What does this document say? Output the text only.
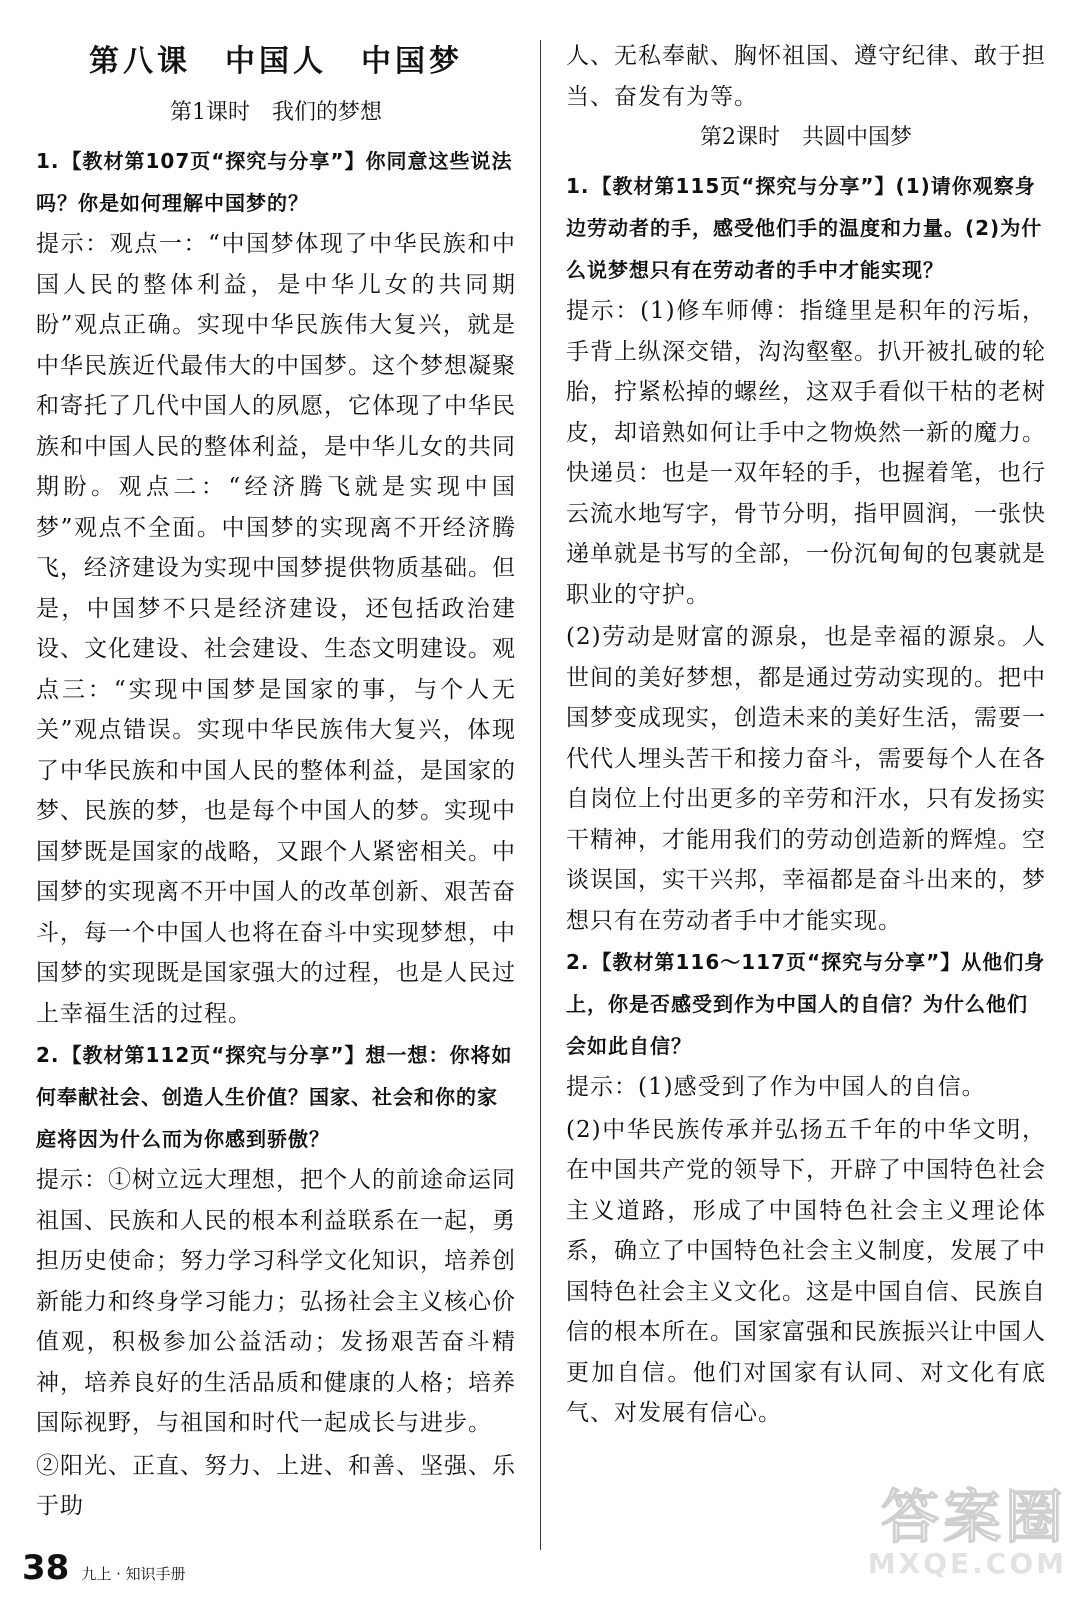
第八课　中国人　中国梦
第1课时　我们的梦想
1. 【教材第107页“探究与分享”】你同意这些说法吗？你是如何理解中国梦的？
提示：观点一：“中国梦体现了中华民族和中国人民的整体利益，是中华儿女的共同期盼”观点正确。实现中华民族伟大复兴，就是中华民族近代最伟大的中国梦。这个梦想凝聚和寄托了几代中国人的夙愿，它体现了中华民族和中国人民的整体利益，是中华儿女的共同期盼。观点二：“经济腾飞就是实现中国梦”观点不全面。中国梦的实现离不开经济腾飞，经济建设为实现中国梦提供物质基础。但是，中国梦不只是经济建设，还包括政治建设、文化建设、社会建设、生态文明建设。观点三：“实现中国梦是国家的事，与个人无关”观点错误。实现中华民族伟大复兴，体现了中华民族和中国人民的整体利益，是国家的梦、民族的梦，也是每个中国人的梦。实现中国梦既是国家的战略，又跟个人紧密相关。中国梦的实现离不开中国人的改革创新、艰苦奋斗，每一个中国人也将在奋斗中实现梦想，中国梦的实现既是国家强大的过程，也是人民过上幸福生活的过程。
2. 【教材第112页“探究与分享”】想一想：你将如何奉献社会、创造人生价值？国家、社会和你的家庭将因为什么而为你感到骄傲？
提示：①树立远大理想，把个人的前途命运同祖国、民族和人民的根本利益联系在一起，勇担历史使命；努力学习科学文化知识，培养创新能力和终身学习能力；弘扬社会主义核心价值观，积极参加公益活动；发扬艰苦奋斗精神，培养良好的生活品质和健康的人格；培养国际视野，与祖国和时代一起成长与进步。
②阳光、正直、努力、上进、和善、坚强、乐于助
人、无私奉献、胸怀祖国、遵守纪律、敢于担当、奋发有为等。
第2课时　共圆中国梦
1. 【教材第115页“探究与分享”】(1)请你观察身边劳动者的手，感受他们手的温度和力量。(2)为什么说梦想只有在劳动者的手中才能实现？
提示：(1)修车师傅：指缝里是积年的污垢，手背上纵深交错，沟沟壑壑。扒开被扎破的轮胎，拧紧松掉的螺丝，这双手看似干枯的老树皮，却谙熟如何让手中之物焕然一新的魔力。快递员：也是一双年轻的手，也握着笔，也行云流水地写字，骨节分明，指甲圆润，一张快递单就是书写的全部，一份沉甸甸的包裹就是职业的守护。
(2)劳动是财富的源泉，也是幸福的源泉。人世间的美好梦想，都是通过劳动实现的。把中国梦变成现实，创造未来的美好生活，需要一代代人埋头苦干和接力奋斗，需要每个人在各自岗位上付出更多的辛劳和汗水，只有发扬实干精神，才能用我们的劳动创造新的辉煌。空谈误国，实干兴邦，幸福都是奋斗出来的，梦想只有在劳动者手中才能实现。
2. 【教材第116～117页“探究与分享”】从他们身上，你是否感受到作为中国人的自信？为什么他们会如此自信？
提示：(1)感受到了作为中国人的自信。
(2)中华民族传承并弘扬五千年的中华文明，在中国共产党的领导下，开辟了中国特色社会主义道路，形成了中国特色社会主义理论体系，确立了中国特色社会主义制度，发展了中国特色社会主义文化。这是中国自信、民族自信的根本所在。国家富强和民族振兴让中国人更加自信。他们对国家有认同、对文化有底气、对发展有信心。
38 九上 · 知识手册
答案圈
MXQE.COM
